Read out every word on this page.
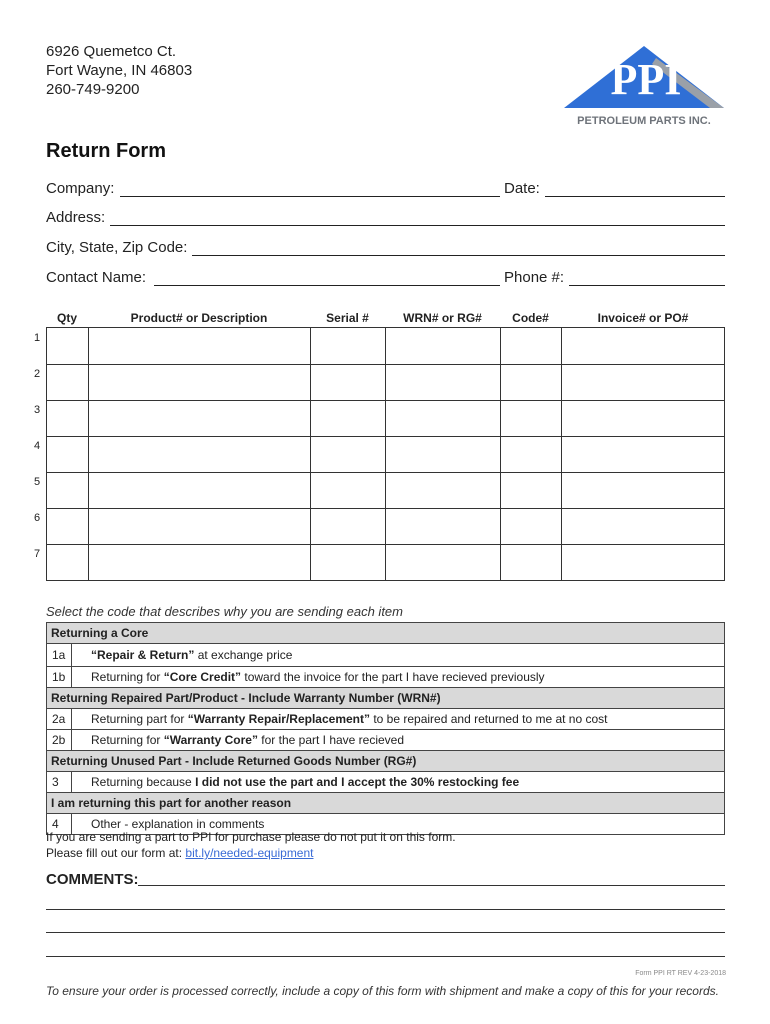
6926 Quemetco Ct.
Fort Wayne, IN 46803
260-749-9200	PPI
PETROLEUM PARTS INC.
Return Form
Company:	Date:
Address:
City, State, Zip Code:
Contact Name:	Phone #:
Qty	Product# or Description	Serial #	WRN# or RG#	Code#	Invoice# or PO#
1
2
3
4
5
6
7
Select the code that describes why you are sending each item
Returning a Core
1a “Repair & Return” at exchange price
1b Returning for “Core Credit” toward the invoice for the part I have recieved previously
Returning Repaired Part/Product - Include Warranty Number (WRN#)
2a Returning part for “Warranty Repair/Replacement” to be repaired and returned to me at no cost
2b Returning for “Warranty Core” for the part I have recieved
Returning Unused Part - Include Returned Goods Number (RG#)
3	Returning because I did not use the part and I accept the 30% restocking fee
I am returning this part for another reason
4	Other - explanation in comments
If you are sending a part to PPI for purchase please do not put it on this form.
Please fill out our form at: bit.ly/needed-equipment
COMMENTS:
Form PPI RT REV 4-23-2018
To ensure your order is processed correctly, include a copy of this form with shipment and make a copy of this for your records.
